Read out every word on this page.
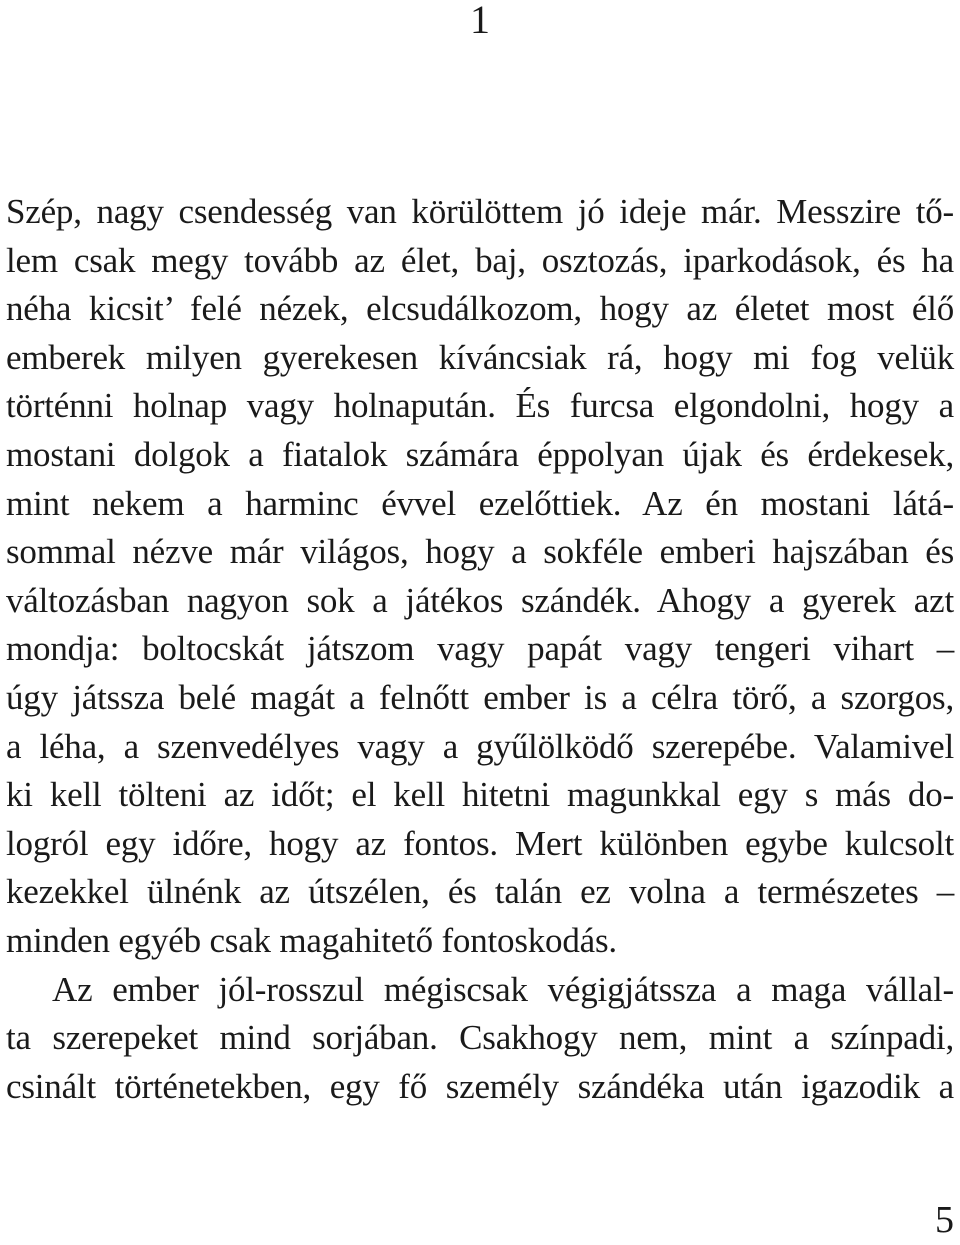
1
Szép, nagy csendesség van körülöttem jó ideje már. Messzire tő-
lem csak megy tovább az élet, baj, osztozás, iparkodások, és ha
néha kicsit’ felé nézek, elcsudálkozom, hogy az életet most élő
emberek milyen gyerekesen kíváncsiak rá, hogy mi fog velük
történni holnap vagy holnapután. És furcsa elgondolni, hogy a
mostani dolgok a fiatalok számára éppolyan újak és érdekesek,
mint nekem a harminc évvel ezelőttiek. Az én mostani látá-
sommal nézve már világos, hogy a sokféle emberi hajszában és
változásban nagyon sok a játékos szándék. Ahogy a gyerek azt
mondja: boltocskát játszom vagy papát vagy tengeri vihart –
úgy játssza belé magát a felnőtt ember is a célra törő, a szorgos,
a léha, a szenvedélyes vagy a gyűlölködő szerepébe. Valamivel
ki kell tölteni az időt; el kell hitetni magunkkal egy s más do-
logról egy időre, hogy az fontos. Mert különben egybe kulcsolt
kezekkel ülnénk az útszélen, és talán ez volna a természetes –
minden egyéb csak magahitető fontoskodás.
Az ember jól-rosszul mégiscsak végigjátssza a maga vállal-
ta szerepeket mind sorjában. Csakhogy nem, mint a színpadi,
csinált történetekben, egy fő személy szándéka után igazodik a
5
